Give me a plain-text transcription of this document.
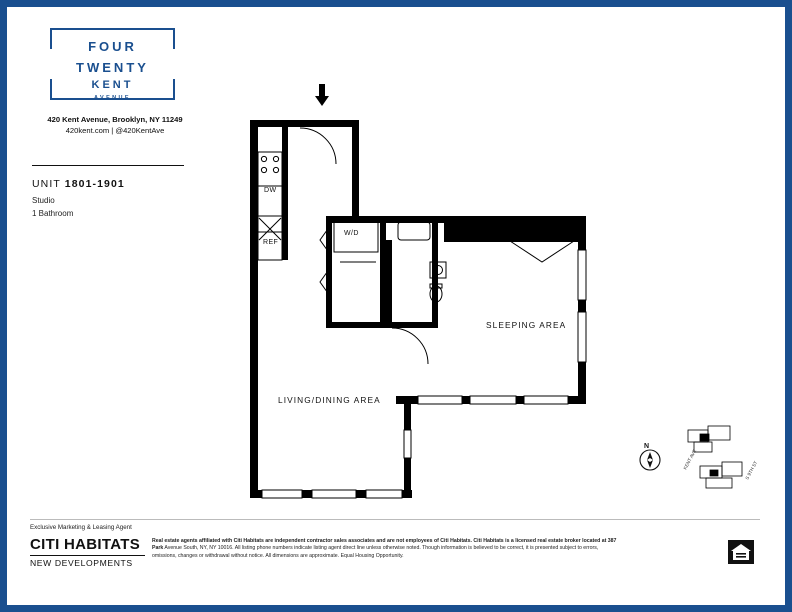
FOUR
TWENTY
KENT
AVENUE
420 Kent Avenue, Brooklyn, NY 11249
420kent.com | @420KentAve
UNIT 1801-1901
Studio
1 Bathroom
KENT AVE	S 9TH ST
N
SLEEPING AREA
LIVING/DINING AREA
DW
REF
W/D
Exclusive Marketing & Leasing Agent
CITI HABITATS
NEW DEVELOPMENTS
Real estate agents affiliated with Citi Habitats are independent contractor sales associates and are not employees of Citi Habitats. Citi Habitats is a licensed real estate broker located at 387 Park Avenue South, NY, NY 10016. All listing phone numbers indicate listing agent direct line unless otherwise noted. Though information is believed to be correct, it is presented subject to errors, omissions, changes or withdrawal without notice. All dimensions are approximate. Equal Housing Opportunity.
